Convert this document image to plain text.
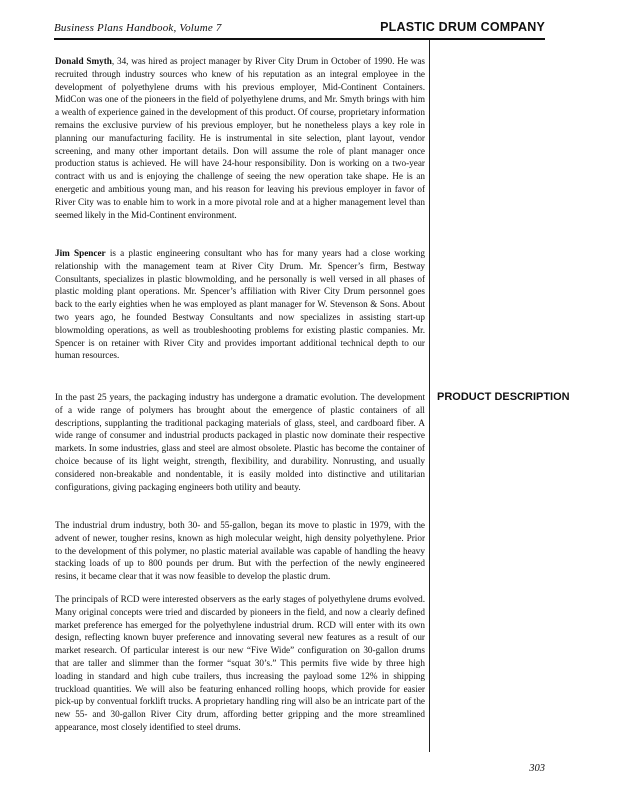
Business Plans Handbook, Volume 7	PLASTIC DRUM COMPANY

Donald Smyth, 34, was hired as project manager by River City Drum in October of 1990. He was recruited through industry sources who knew of his reputation as an integral employee in the development of polyethylene drums with his previous employer, Mid-Continent Containers. MidCon was one of the pioneers in the field of polyethylene drums, and Mr. Smyth brings with him a wealth of experience gained in the development of this product. Of course, proprietary information remains the exclusive purview of his previous employer, but he nonetheless plays a key role in planning our manufacturing facility. He is instrumental in site selection, plant layout, vendor screening, and many other important details. Don will assume the role of plant manager once production status is achieved. He will have 24-hour responsibility. Don is working on a two-year contract with us and is enjoying the challenge of seeing the new operation take shape. He is an energetic and ambitious young man, and his reason for leaving his previous employer in favor of River City was to enable him to work in a more pivotal role and at a higher management level than seemed likely in the Mid-Continent environment.

Jim Spencer is a plastic engineering consultant who has for many years had a close working relationship with the management team at River City Drum. Mr. Spencer’s firm, Bestway Consultants, specializes in plastic blowmolding, and he personally is well versed in all phases of plastic molding plant operations. Mr. Spencer’s affiliation with River City Drum personnel goes back to the early eighties when he was employed as plant manager for W. Stevenson & Sons. About two years ago, he founded Bestway Consultants and now specializes in assisting start-up blowmolding operations, as well as troubleshooting problems for existing plastic companies. Mr. Spencer is on retainer with River City and provides important additional technical depth to our human resources.

PRODUCT DESCRIPTION

In the past 25 years, the packaging industry has undergone a dramatic evolution. The development of a wide range of polymers has brought about the emergence of plastic containers of all descriptions, supplanting the traditional packaging materials of glass, steel, and cardboard fiber. A wide range of consumer and industrial products packaged in plastic now dominate their respective markets. In some industries, glass and steel are almost obsolete. Plastic has become the container of choice because of its light weight, strength, flexibility, and durability. Nonrusting, and usually considered non-breakable and nondentable, it is easily molded into distinctive and utilitarian configurations, giving packaging engineers both utility and beauty.

The industrial drum industry, both 30- and 55-gallon, began its move to plastic in 1979, with the advent of newer, tougher resins, known as high molecular weight, high density polyethylene. Prior to the development of this polymer, no plastic material available was capable of handling the heavy stacking loads of up to 800 pounds per drum. But with the perfection of the newly engineered resins, it became clear that it was now feasible to develop the plastic drum.

The principals of RCD were interested observers as the early stages of polyethylene drums evolved. Many original concepts were tried and discarded by pioneers in the field, and now a clearly defined market preference has emerged for the polyethylene industrial drum. RCD will enter with its own design, reflecting known buyer preference and innovating several new features as a result of our market research. Of particular interest is our new “Five Wide” configuration on 30-gallon drums that are taller and slimmer than the former “squat 30’s.” This permits five wide by three high loading in standard and high cube trailers, thus increasing the payload some 12% in shipping truckload quantities. We will also be featuring enhanced rolling hoops, which provide for easier pick-up by conventual forklift trucks. A proprietary handling ring will also be an intricate part of the new 55- and 30-gallon River City drum, affording better gripping and the more streamlined appearance, most closely identified to steel drums.

303
